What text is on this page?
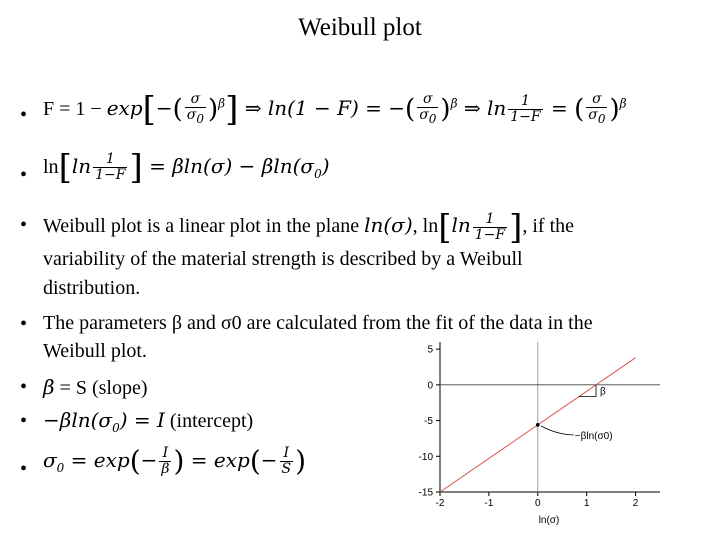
Weibull plot
• $F = 1 - \exp[-( \frac{\sigma}{\sigma_0} )^\beta]$ ⇒ ln(1 − F) = −( $\frac{\sigma}{\sigma_0} )^\beta$ ⇒ $\ln \frac{1}{1-F}$ = ( $\frac{\sigma}{\sigma_0} )^\beta$
• $\ln[\ln \frac{1}{1-F}$ ] = $\beta\ln(\sigma) - \beta\ln(\sigma_0)$
• Weibull plot is a linear plot in the plane ln(σ), $\ln[\ln \frac{1}{1-F}$ ], if the
variability of the material strength is described by a Weibull
distribution.
• The parameters β and σ0 are calculated from the fit of the data in the
Weibull plot.
• β = S (slope)
• $-\beta\ln(\sigma_0) = I$ (intercept)
• $\sigma_0 = \exp(- \frac{I}{\beta}$ ) = $\exp(- \frac{I}{S}$ )
-2	-1	0	1	2
5
0
-5
-10
-15
β
−βln(σ0)
ln(σ)
